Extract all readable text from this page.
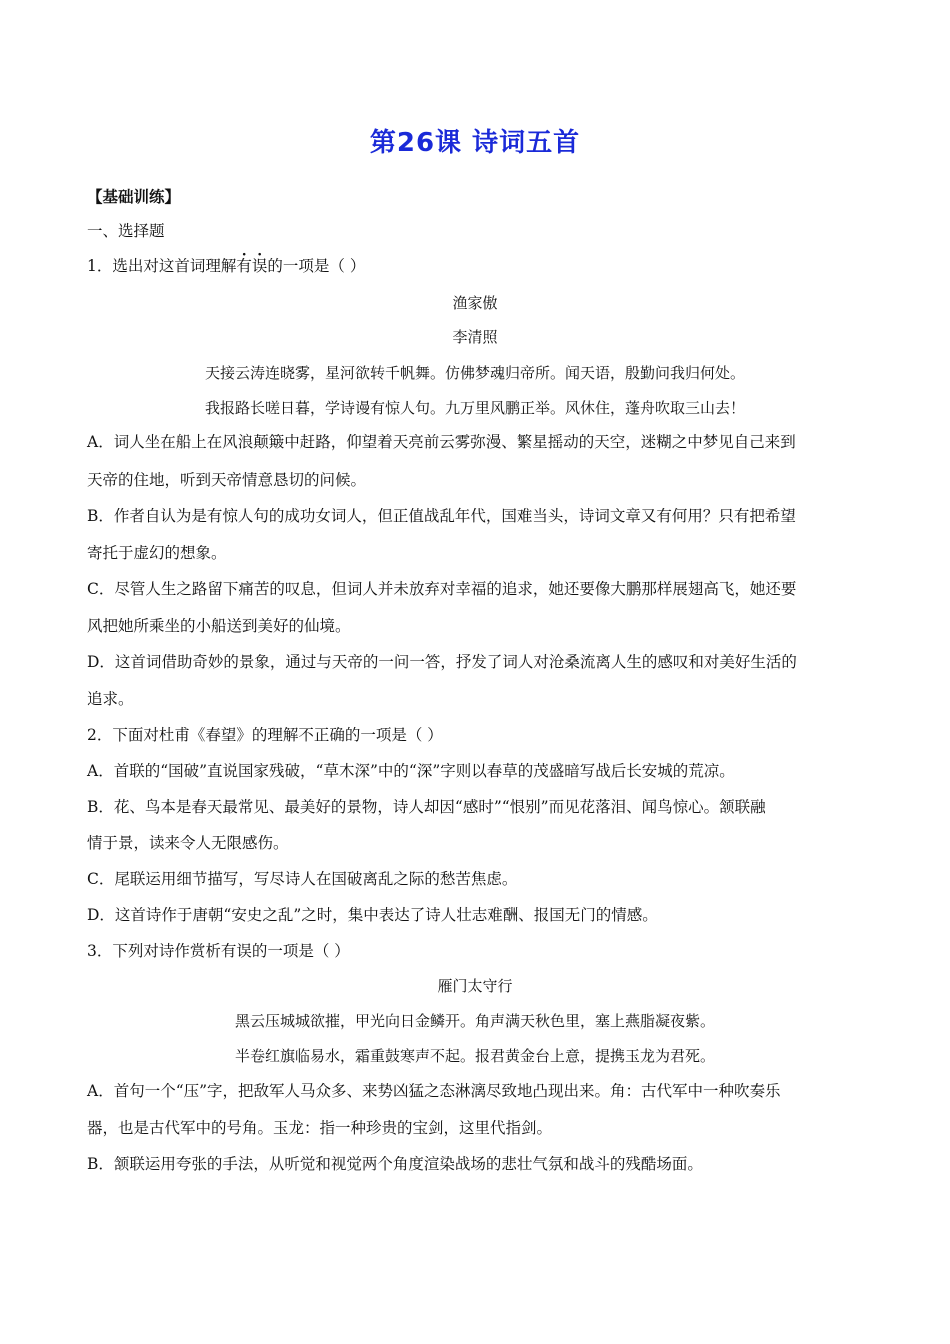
第26课 诗词五首
【基础训练】
一、选择题
1．选出对这首词理解有误的一项是（ ）
渔家傲
李清照
天接云涛连晓雾，星河欲转千帆舞。仿佛梦魂归帝所。闻天语，殷勤问我归何处。
我报路长嗟日暮，学诗谩有惊人句。九万里风鹏正举。风休住，蓬舟吹取三山去！
A．词人坐在船上在风浪颠簸中赶路，仰望着天亮前云雾弥漫、繁星摇动的天空，迷糊之中梦见自己来到
天帝的住地，听到天帝情意恳切的问候。
B．作者自认为是有惊人句的成功女词人，但正值战乱年代，国难当头，诗词文章又有何用？只有把希望
寄托于虚幻的想象。
C．尽管人生之路留下痛苦的叹息，但词人并未放弃对幸福的追求，她还要像大鹏那样展翅高飞，她还要
风把她所乘坐的小船送到美好的仙境。
D．这首词借助奇妙的景象，通过与天帝的一问一答，抒发了词人对沧桑流离人生的感叹和对美好生活的
追求。
2．下面对杜甫《春望》的理解不正确的一项是（ ）
A．首联的“国破”直说国家残破，“草木深”中的“深”字则以春草的茂盛暗写战后长安城的荒凉。
B．花、鸟本是春天最常见、最美好的景物，诗人却因“感时”“恨别”而见花落泪、闻鸟惊心。颔联融
情于景，读来令人无限感伤。
C．尾联运用细节描写，写尽诗人在国破离乱之际的愁苦焦虑。
D．这首诗作于唐朝“安史之乱”之时，集中表达了诗人壮志难酬、报国无门的情感。
3．下列对诗作赏析有误的一项是（ ）
雁门太守行
黑云压城城欲摧，甲光向日金鳞开。角声满天秋色里，塞上燕脂凝夜紫。
半卷红旗临易水，霜重鼓寒声不起。报君黄金台上意，提携玉龙为君死。
A．首句一个“压”字，把敌军人马众多、来势凶猛之态淋漓尽致地凸现出来。角：古代军中一种吹奏乐
器，也是古代军中的号角。玉龙：指一种珍贵的宝剑，这里代指剑。
B．颔联运用夸张的手法，从听觉和视觉两个角度渲染战场的悲壮气氛和战斗的残酷场面。
